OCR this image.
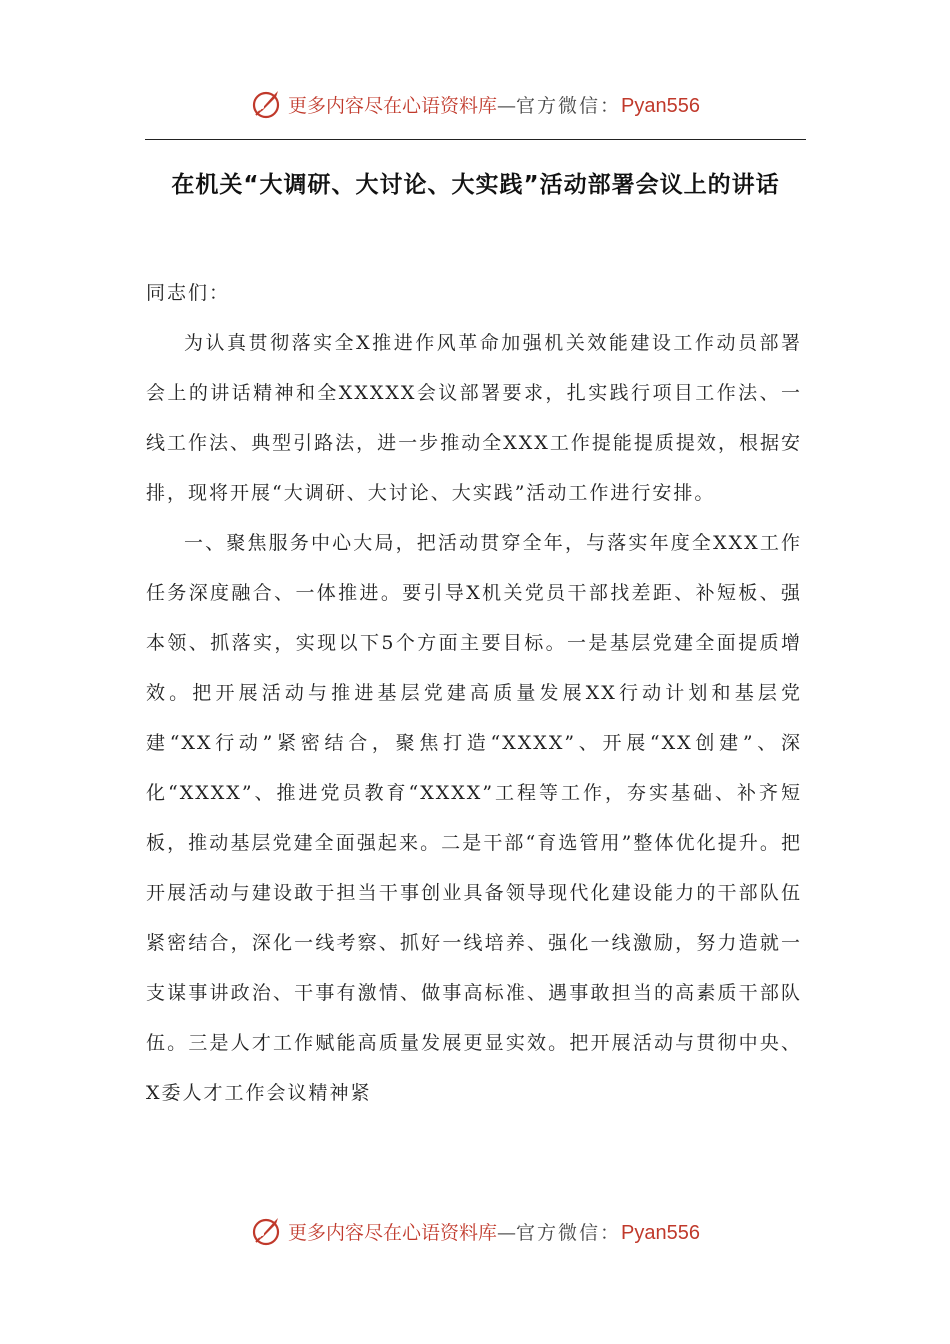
更多内容尽在心语资料库—官方微信：Pyan556
在机关“大调研、大讨论、大实践”活动部署会议上的讲话

同志们：

为认真贯彻落实全X推进作风革命加强机关效能建设工作动员部署会上的讲话精神和全XXXXX会议部署要求，扎实践行项目工作法、一线工作法、典型引路法，进一步推动全XXX工作提能提质提效，根据安排，现将开展“大调研、大讨论、大实践”活动工作进行安排。

一、聚焦服务中心大局，把活动贯穿全年，与落实年度全XXX工作任务深度融合、一体推进。要引导X机关党员干部找差距、补短板、强本领、抓落实，实现以下5个方面主要目标。一是基层党建全面提质增效。把开展活动与推进基层党建高质量发展XX行动计划和基层党建“XX行动”紧密结合，聚焦打造“XXXX”、开展“XX创建”、深化“XXXX”、推进党员教育“XXXX”工程等工作，夯实基础、补齐短板，推动基层党建全面强起来。二是干部“育选管用”整体优化提升。把开展活动与建设敢于担当干事创业具备领导现代化建设能力的干部队伍紧密结合，深化一线考察、抓好一线培养、强化一线激励，努力造就一支谋事讲政治、干事有激情、做事高标准、遇事敢担当的高素质干部队伍。三是人才工作赋能高质量发展更显实效。把开展活动与贯彻中央、X委人才工作会议精神紧

更多内容尽在心语资料库—官方微信：Pyan556
